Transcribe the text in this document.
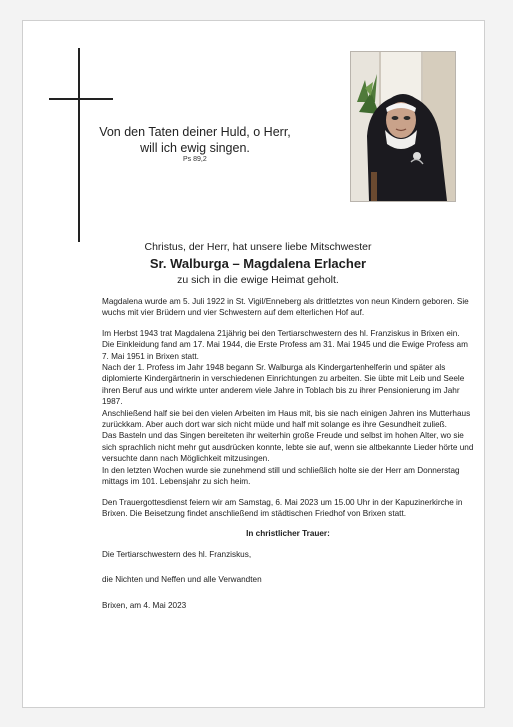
Von den Taten deiner Huld, o Herr,
will ich ewig singen.
Ps 89,2
Christus, der Herr, hat unsere liebe Mitschwester
Sr. Walburga – Magdalena Erlacher
zu sich in die ewige Heimat geholt.

Magdalena wurde am 5. Juli 1922 in St. Vigil/Enneberg als drittletztes von neun Kindern geboren. Sie wuchs mit vier Brüdern und vier Schwestern auf dem elterlichen Hof auf.

Im Herbst 1943 trat Magdalena 21jährig bei den Tertiarschwestern des hl. Franziskus in Brixen ein. Die Einkleidung fand am 17. Mai 1944, die Erste Profess am 31. Mai 1945 und die Ewige Profess am 7. Mai 1951 in Brixen statt.

Nach der 1. Profess im Jahr 1948 begann Sr. Walburga als Kindergartenhelferin und später als diplomierte Kindergärtnerin in verschiedenen Einrichtungen zu arbeiten. Sie übte mit Leib und Seele ihren Beruf aus und wirkte unter anderem viele Jahre in Toblach bis zu ihrer Pensionierung im Jahr 1987.

Anschließend half sie bei den vielen Arbeiten im Haus mit, bis sie nach einigen Jahren ins Mutterhaus zurückkam. Aber auch dort war sich nicht müde und half mit solange es ihre Gesundheit zuließ.

Das Basteln und das Singen bereiteten ihr weiterhin große Freude und selbst im hohen Alter, wo sie sich sprachlich nicht mehr gut ausdrücken konnte, lebte sie auf, wenn sie altbekannte Lieder hörte und versuchte dann nach Möglichkeit mitzusingen.

In den letzten Wochen wurde sie zunehmend still und schließlich holte sie der Herr am Donnerstag mittags im 101. Lebensjahr zu sich heim.

Den Trauergottesdienst feiern wir am Samstag, 6. Mai 2023 um 15.00 Uhr in der Kapuzinerkirche in Brixen. Die Beisetzung findet anschließend im städtischen Friedhof von Brixen statt.

In christlicher Trauer:

Die Tertiarschwestern des hl. Franziskus,

die Nichten und Neffen und alle Verwandten

Brixen, am 4. Mai 2023
